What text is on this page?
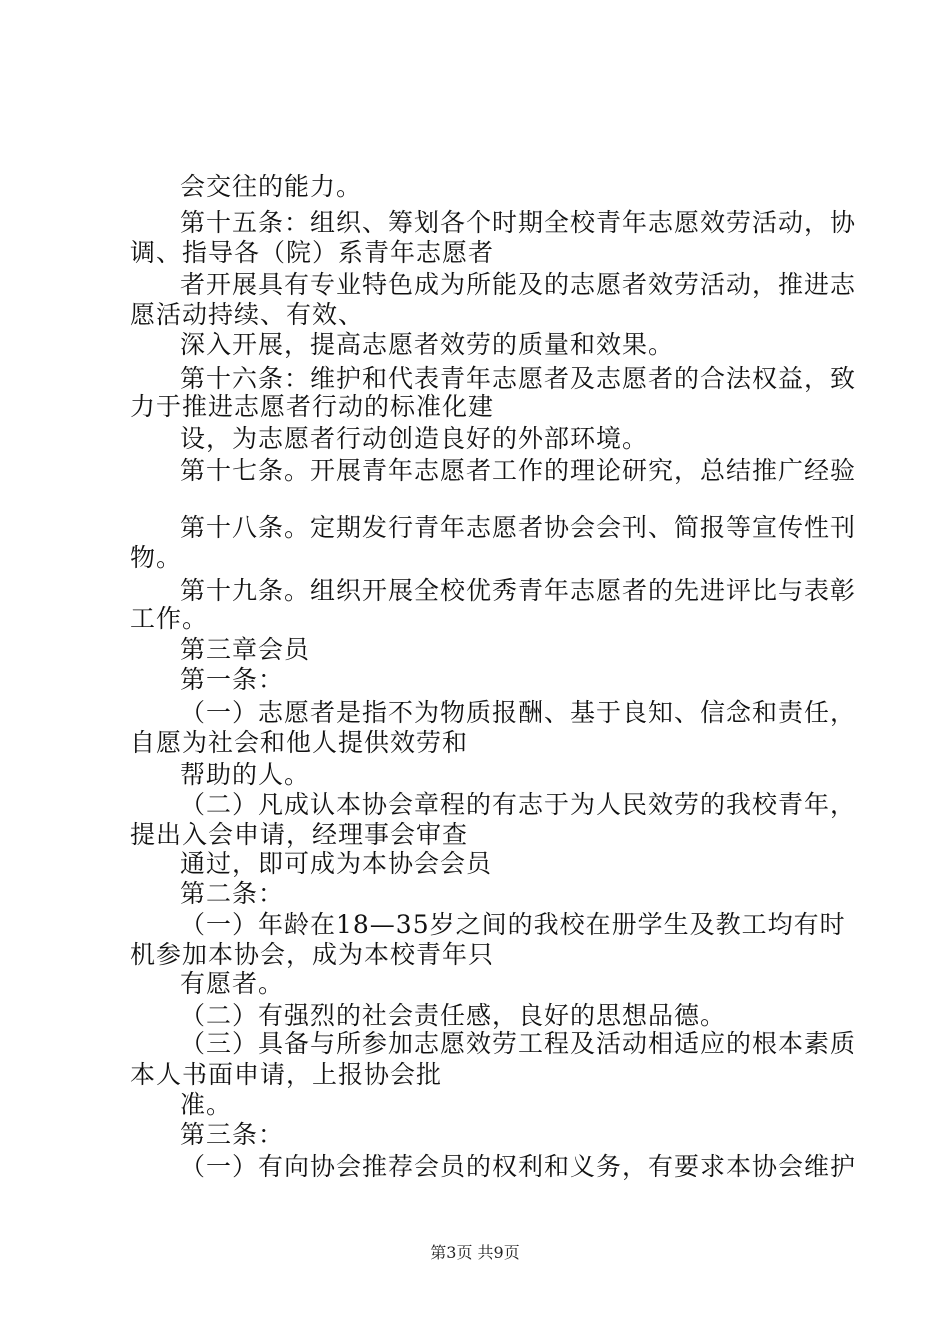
会交往的能力。
第十五条：组织、筹划各个时期全校青年志愿效劳活动，协
调、指导各（院）系青年志愿者
者开展具有专业特色成为所能及的志愿者效劳活动，推进志
愿活动持续、有效、
深入开展，提高志愿者效劳的质量和效果。
第十六条：维护和代表青年志愿者及志愿者的合法权益，致
力于推进志愿者行动的标准化建
设，为志愿者行动创造良好的外部环境。
第十七条。开展青年志愿者工作的理论研究，总结推广经验
第十八条。定期发行青年志愿者协会会刊、简报等宣传性刊
物。
第十九条。组织开展全校优秀青年志愿者的先进评比与表彰
工作。
第三章会员
第一条：
（一）志愿者是指不为物质报酬、基于良知、信念和责任，
自愿为社会和他人提供效劳和
帮助的人。
（二）凡成认本协会章程的有志于为人民效劳的我校青年，
提出入会申请，经理事会审查
通过，即可成为本协会会员
第二条：
（一）年龄在18—35岁之间的我校在册学生及教工均有时
机参加本协会，成为本校青年只
有愿者。
（二）有强烈的社会责任感，良好的思想品德。
（三）具备与所参加志愿效劳工程及活动相适应的根本素质
本人书面申请，上报协会批
准。
第三条：
（一）有向协会推荐会员的权利和义务，有要求本协会维护
第3页 共9页
